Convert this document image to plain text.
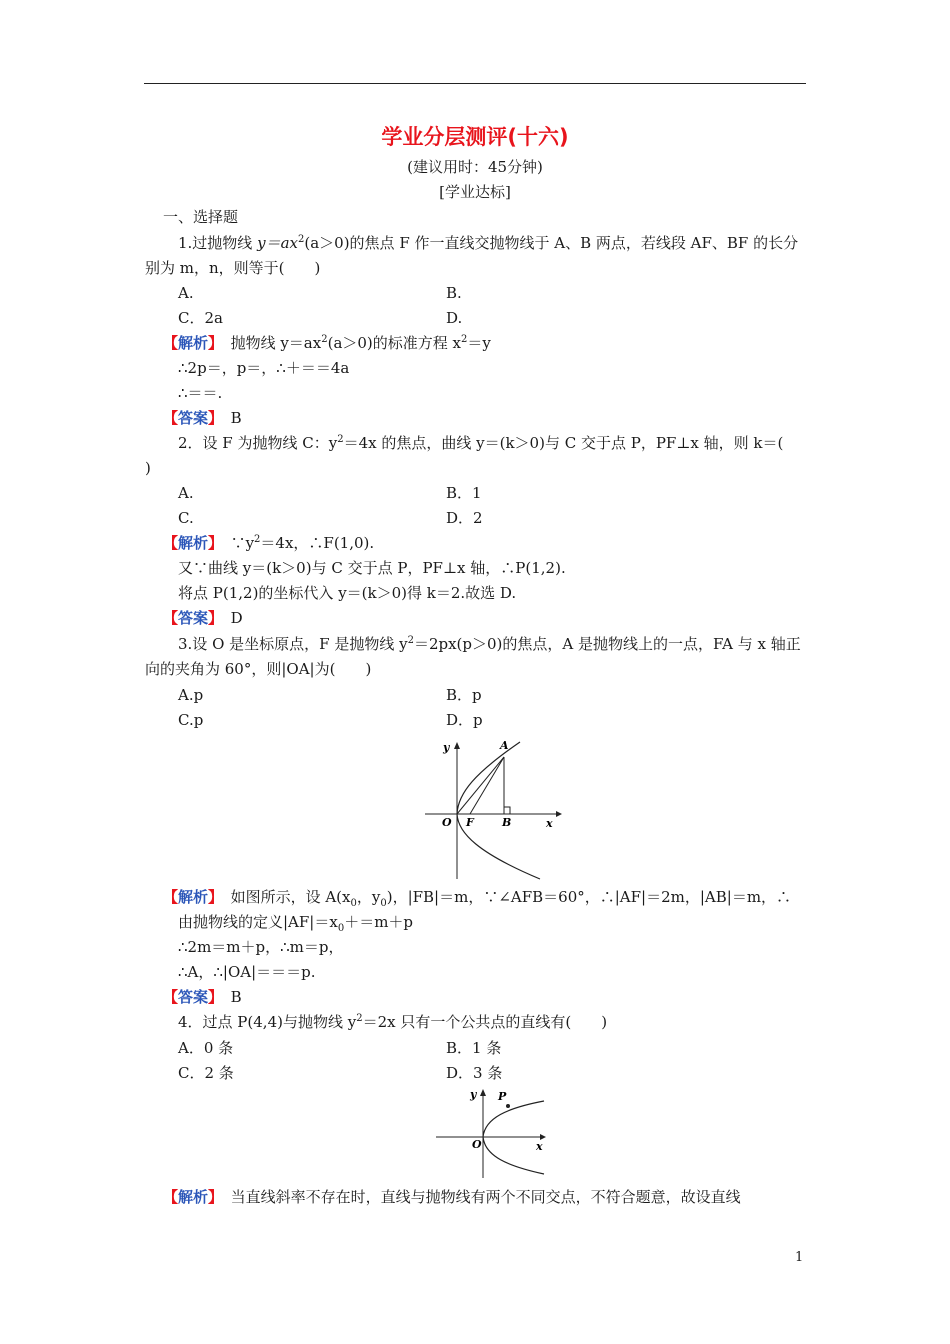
学业分层测评(十六)
(建议用时：45分钟)
[学业达标]
一、选择题
1.过抛物线 $y=ax^2(a>0)$的焦点 F 作一直线交抛物线于 A、B 两点，若线段 AF、BF 的长分
别为 m，n，则等于(　　)
A.	B.
C．2a	D.
【解析】　 抛物线 $y=ax^2(a>0)$的标准方程 $x^2=y$
∴2p＝，p＝，∴＋＝＝4a
∴＝＝.
【答案】　 B
2．设 F 为抛物线 C：$y^2=4x$ 的焦点，曲线 y＝(k＞0)与 C 交于点 P，PF⊥x 轴，则 k＝(
)
A.	B．1
C.	D．2
【解析】　 $\because y^2=4x$，∴F(1,0).
又∵曲线 y＝(k＞0)与 C 交于点 P，PF⊥x 轴，∴P(1,2).
将点 P(1,2)的坐标代入 y＝(k＞0)得 k＝2.故选 D.
【答案】　 D
3.设 O 是坐标原点，F 是抛物线 $y^2=2px(p>0)$的焦点，A 是抛物线上的一点，FA 与 x 轴正
向的夹角为 60°，则|OA|为(　　)
A.p	B．p
C.p	D．p
y	A
O F	B	x
【解析】　 如图所示，设 $A(x_0$，$y_0$)，|FB|＝m，∵∠AFB＝60°，∴|AF|＝2m，|AB|＝m，∴
由抛物线的定义$|AF|=x_0+=m+p$
∴2m＝m＋p，∴m＝p，
∴A，∴|OA|＝＝＝p.
【答案】　 B
4．过点 P(4,4)与抛物线 $y^2=2x$ 只有一个公共点的直线有(　　)
A．0 条	B．1 条
C．2 条	D．3 条
y P
O	x
【解析】　 当直线斜率不存在时，直线与抛物线有两个不同交点，不符合题意，故设直线
1
